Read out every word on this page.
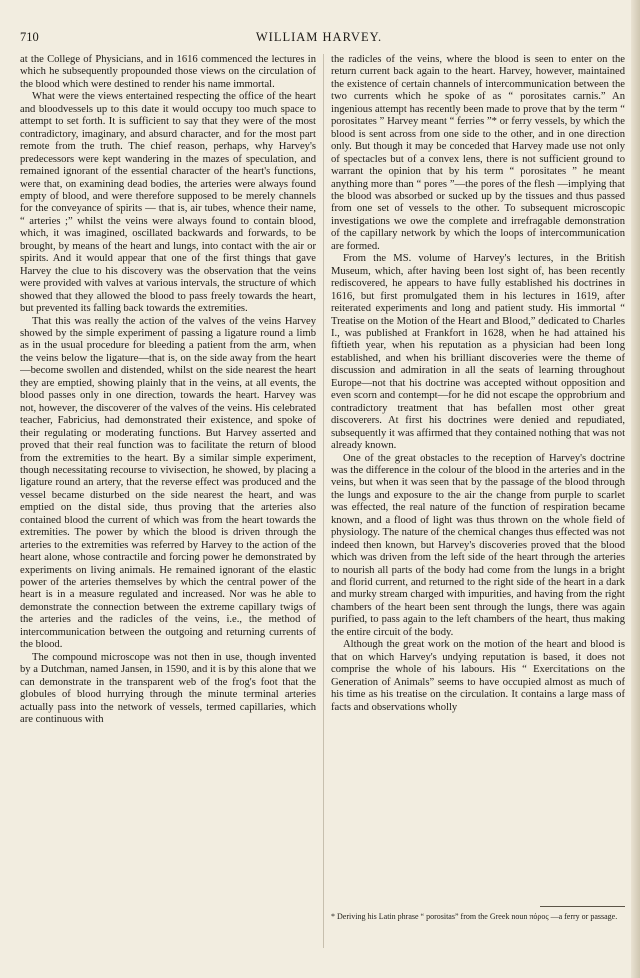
710	WILLIAM HARVEY.

at the College of Physicians, and in 1616 commenced the lectures in which he subsequently propounded those views on the circulation of the blood which were destined to render his name immortal.

What were the views entertained respecting the office of the heart and bloodvessels up to this date it would occupy too much space to attempt to set forth. It is sufficient to say that they were of the most contradictory, imaginary, and absurd character, and for the most part remote from the truth. The chief reason, perhaps, why Harvey's predecessors were kept wandering in the mazes of speculation, and remained ignorant of the essential character of the heart's functions, were that, on examining dead bodies, the arteries were always found empty of blood, and were therefore supposed to be merely channels for the conveyance of spirits — that is, air tubes, whence their name, “ arteries ;” whilst the veins were always found to contain blood, which, it was imagined, oscillated backwards and forwards, to be brought, by means of the heart and lungs, into contact with the air or spirits. And it would appear that one of the first things that gave Harvey the clue to his discovery was the observation that the veins were provided with valves at various intervals, the structure of which showed that they allowed the blood to pass freely towards the heart, but prevented its falling back towards the extremities.

That this was really the action of the valves of the veins Harvey showed by the simple experiment of passing a ligature round a limb as in the usual procedure for bleeding a patient from the arm, when the veins below the ligature—that is, on the side away from the heart—become swollen and distended, whilst on the side nearest the heart they are emptied, showing plainly that in the veins, at all events, the blood passes only in one direction, towards the heart. Harvey was not, however, the discoverer of the valves of the veins. His celebrated teacher, Fabricius, had demonstrated their existence, and spoke of their regulating or moderating functions. But Harvey asserted and proved that their real function was to facilitate the return of blood from the extremities to the heart. By a similar simple experiment, though necessitating recourse to vivisection, he showed, by placing a ligature round an artery, that the reverse effect was produced and the vessel became disturbed on the side nearest the heart, and was emptied on the distal side, thus proving that the arteries also contained blood the current of which was from the heart towards the extremities. The power by which the blood is driven through the arteries to the extremities was referred by Harvey to the action of the heart alone, whose contractile and forcing power he demonstrated by experiments on living animals. He remained ignorant of the elastic power of the arteries themselves by which the central power of the heart is in a measure regulated and increased. Nor was he able to demonstrate the connection between the extreme capillary twigs of the arteries and the radicles of the veins, i.e., the method of intercommunication between the outgoing and returning currents of the blood.

The compound microscope was not then in use, though invented by a Dutchman, named Jansen, in 1590, and it is by this alone that we can demonstrate in the transparent web of the frog's foot that the globules of blood hurrying through the minute terminal arteries actually pass into the network of vessels, termed capillaries, which are continuous with

the radicles of the veins, where the blood is seen to enter on the return current back again to the heart. Harvey, however, maintained the existence of certain channels of intercommunication between the two currents which he spoke of as “ porositates carnis.” An ingenious attempt has recently been made to prove that by the term “ porositates ” Harvey meant “ ferries ”* or ferry vessels, by which the blood is sent across from one side to the other, and in one direction only. But though it may be conceded that Harvey made use not only of spectacles but of a convex lens, there is not sufficient ground to warrant the opinion that by his term “ porositates ” he meant anything more than “ pores ”—the pores of the flesh —implying that the blood was absorbed or sucked up by the tissues and thus passed from one set of vessels to the other. To subsequent microscopic investigations we owe the complete and irrefragable demonstration of the capillary network by which the loops of intercommunication are formed.

From the MS. volume of Harvey's lectures, in the British Museum, which, after having been lost sight of, has been recently rediscovered, he appears to have fully established his doctrines in 1616, but first promulgated them in his lectures in 1619, after reiterated experiments and long and patient study. His immortal “ Treatise on the Motion of the Heart and Blood,” dedicated to Charles I., was published at Frankfort in 1628, when he had attained his fiftieth year, when his reputation as a physician had been long established, and when his brilliant discoveries were the theme of discussion and admiration in all the seats of learning throughout Europe—not that his doctrine was accepted without opposition and even scorn and contempt—for he did not escape the opprobrium and contradictory treatment that has befallen most other great discoverers. At first his doctrines were denied and repudiated, subsequently it was affirmed that they contained nothing that was not already known.

One of the great obstacles to the reception of Harvey's doctrine was the difference in the colour of the blood in the arteries and in the veins, but when it was seen that by the passage of the blood through the lungs and exposure to the air the change from purple to scarlet was effected, the real nature of the function of respiration became known, and a flood of light was thus thrown on the whole field of physiology. The nature of the chemical changes thus effected was not indeed then known, but Harvey's discoveries proved that the blood which was driven from the left side of the heart through the arteries to nourish all parts of the body had come from the lungs in a bright and florid current, and returned to the right side of the heart in a dark and murky stream charged with impurities, and having from the right chambers of the heart been sent through the lungs, there was again purified, to pass again to the left chambers of the heart, thus making the entire circuit of the body.

Although the great work on the motion of the heart and blood is that on which Harvey's undying reputation is based, it does not comprise the whole of his labours. His “ Exercitations on the Generation of Animals” seems to have occupied almost as much of his time as his treatise on the circulation. It contains a large mass of facts and observations wholly

* Deriving his Latin phrase “ porositas” from the Greek noun πόρος —a ferry or passage.
